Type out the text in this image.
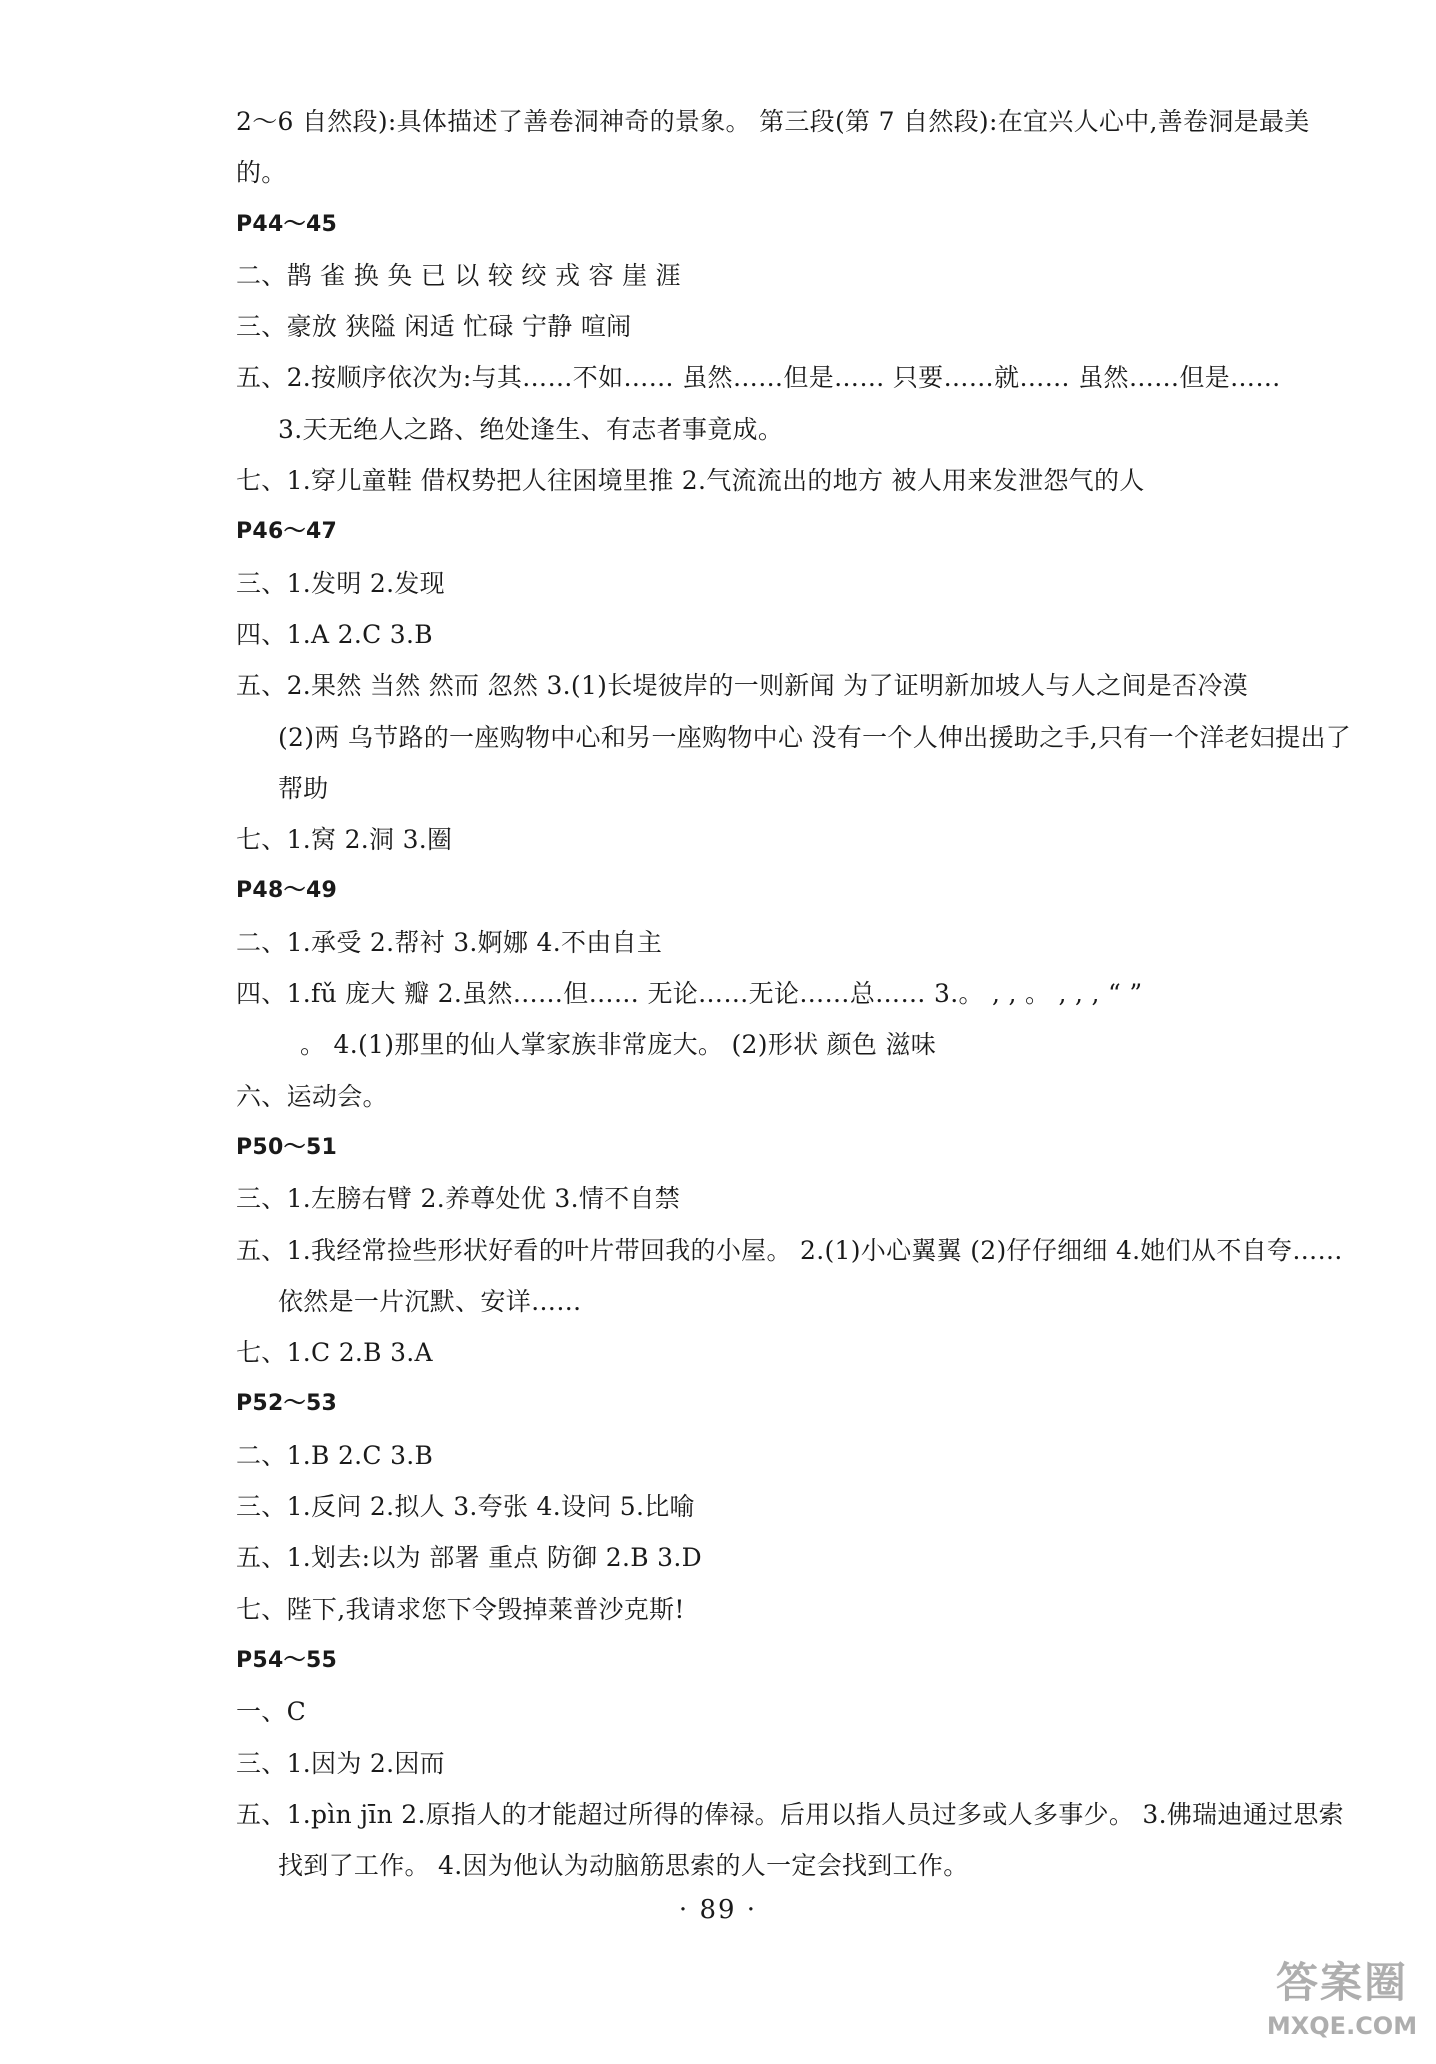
2～6 自然段):具体描述了善卷洞神奇的景象。 第三段(第 7 自然段):在宜兴人心中,善卷洞是最美
的。
P44～45
二、鹊 雀 换 奂 已 以 较 绞 戎 容 崖 涯
三、豪放 狭隘 闲适 忙碌 宁静 喧闹
五、2.按顺序依次为:与其……不如…… 虽然……但是…… 只要……就…… 虽然……但是……
3.天无绝人之路、绝处逢生、有志者事竟成。
七、1.穿儿童鞋 借权势把人往困境里推 2.气流流出的地方 被人用来发泄怨气的人
P46～47
三、1.发明 2.发现
四、1.A 2.C 3.B
五、2.果然 当然 然而 忽然 3.(1)长堤彼岸的一则新闻 为了证明新加坡人与人之间是否冷漠
(2)两 乌节路的一座购物中心和另一座购物中心 没有一个人伸出援助之手,只有一个洋老妇提出了
帮助
七、1.窝 2.洞 3.圈
P48～49
二、1.承受 2.帮衬 3.婀娜 4.不由自主
四、1.fǔ 庞大 瓣 2.虽然……但…… 无论……无论……总…… 3.。 , , 。 , , , “ ”
。 4.(1)那里的仙人掌家族非常庞大。 (2)形状 颜色 滋味
六、运动会。
P50～51
三、1.左膀右臂 2.养尊处优 3.情不自禁
五、1.我经常捡些形状好看的叶片带回我的小屋。 2.(1)小心翼翼 (2)仔仔细细 4.她们从不自夸……
依然是一片沉默、安详……
七、1.C 2.B 3.A
P52～53
二、1.B 2.C 3.B
三、1.反问 2.拟人 3.夸张 4.设问 5.比喻
五、1.划去:以为 部署 重点 防御 2.B 3.D
七、陛下,我请求您下令毁掉莱普沙克斯!
P54～55
一、C
三、1.因为 2.因而
五、1.pìn jīn 2.原指人的才能超过所得的俸禄。后用以指人员过多或人多事少。 3.佛瑞迪通过思索
找到了工作。 4.因为他认为动脑筋思索的人一定会找到工作。
· 89 ·
答案圈
MXQE.COM
